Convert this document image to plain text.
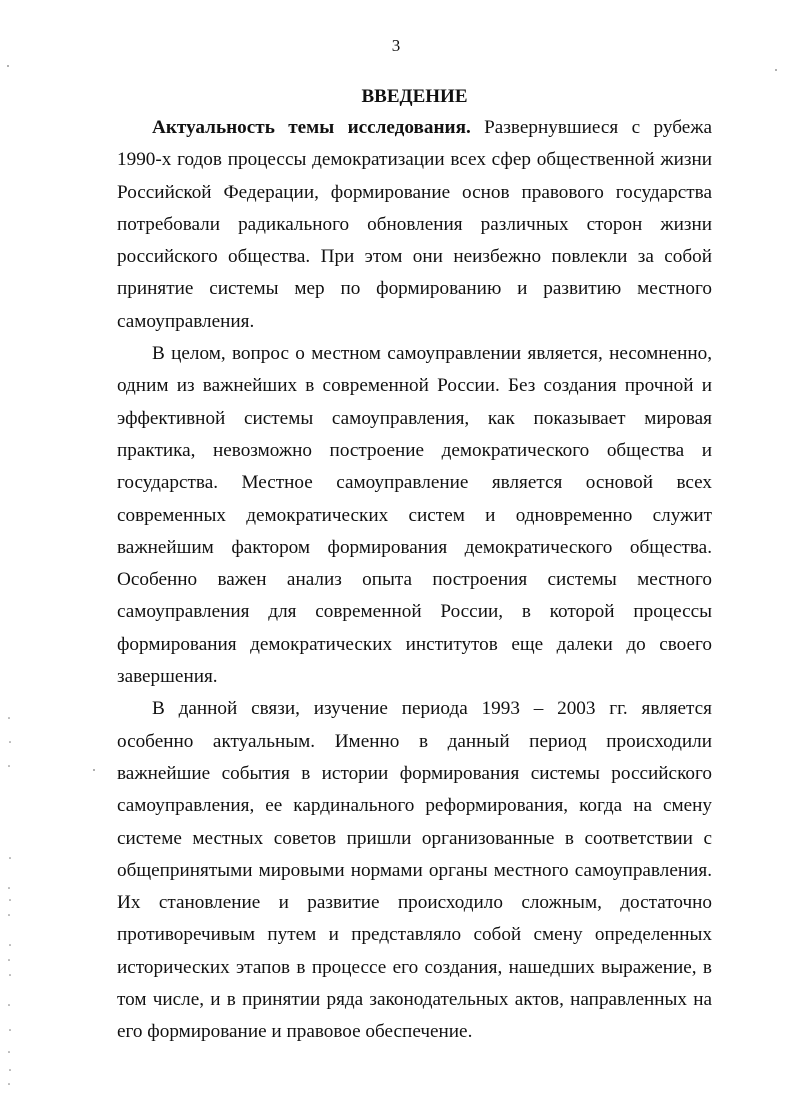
3
ВВЕДЕНИЕ

Актуальность темы исследования. Развернувшиеся с рубежа 1990-х годов процессы демократизации всех сфер общественной жизни Российской Федерации, формирование основ правового государства потребовали радикального обновления различных сторон жизни российского общества. При этом они неизбежно повлекли за собой принятие системы мер по формированию и развитию местного самоуправления.

В целом, вопрос о местном самоуправлении является, несомненно, одним из важнейших в современной России. Без создания прочной и эффективной системы самоуправления, как показывает мировая практика, невозможно построение демократического общества и государства. Местное самоуправление является основой всех современных демократических систем и одновременно служит важнейшим фактором формирования демократического общества. Особенно важен анализ опыта построения системы местного самоуправления для современной России, в которой процессы формирования демократических институтов еще далеки до своего завершения.

В данной связи, изучение периода 1993 – 2003 гг. является особенно актуальным. Именно в данный период происходили важнейшие события в истории формирования системы российского самоуправления, ее кардинального реформирования, когда на смену системе местных советов пришли организованные в соответствии с общепринятыми мировыми нормами органы местного самоуправления. Их становление и развитие происходило сложным, достаточно противоречивым путем и представляло собой смену определенных исторических этапов в процессе его создания, нашедших выражение, в том числе, и в принятии ряда законодательных актов, направленных на его формирование и правовое обеспечение.
